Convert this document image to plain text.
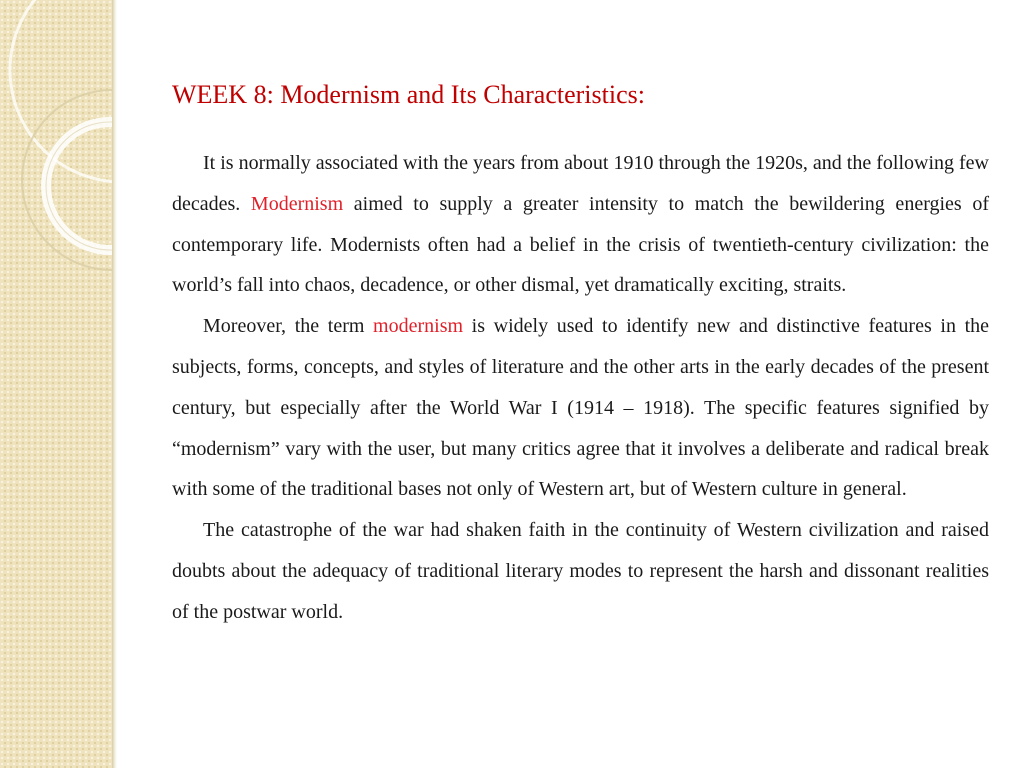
WEEK 8: Modernism and Its Characteristics:

It is normally associated with the years from about 1910 through the 1920s, and the following few decades. Modernism aimed to supply a greater intensity to match the bewildering energies of contemporary life. Modernists often had a belief in the crisis of twentieth-century civilization: the world’s fall into chaos, decadence, or other dismal, yet dramatically exciting, straits.

Moreover, the term modernism is widely used to identify new and distinctive features in the subjects, forms, concepts, and styles of literature and the other arts in the early decades of the present century, but especially after the World War I (1914 – 1918). The specific features signified by “modernism” vary with the user, but many critics agree that it involves a deliberate and radical break with some of the traditional bases not only of Western art, but of Western culture in general.

The catastrophe of the war had shaken faith in the continuity of Western civilization and raised doubts about the adequacy of traditional literary modes to represent the harsh and dissonant realities of the postwar world.
